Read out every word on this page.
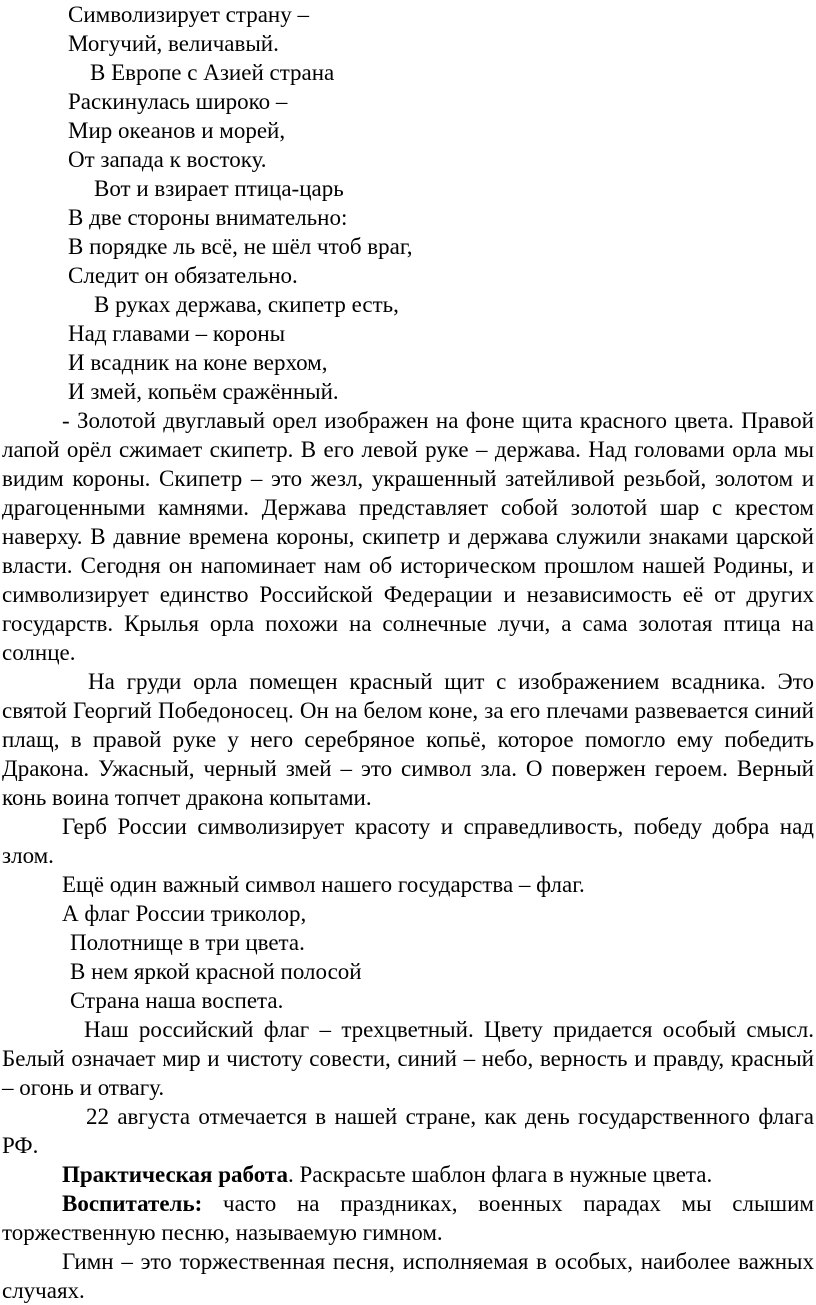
Символизирует страну –

Могучий, величавый.

В Европе с Азией страна

Раскинулась широко –

Мир океанов и морей,

От запада к востоку.

Вот и взирает птица-царь

В две стороны внимательно:

В порядке ль всё, не шёл чтоб враг,

Следит он обязательно.

В руках держава, скипетр есть,

Над главами – короны

И всадник на коне верхом,

И змей, копьём сражённый.

- Золотой двуглавый орел изображен на фоне щита красного цвета. Правой лапой орёл сжимает скипетр. В его левой руке – держава. Над головами орла мы видим короны. Скипетр – это жезл, украшенный затейливой резьбой, золотом и драгоценными камнями. Держава представляет собой золотой шар с крестом наверху. В давние времена короны, скипетр и держава служили знаками царской власти. Сегодня он напоминает нам об историческом прошлом нашей Родины, и символизирует единство Российской Федерации и независимость её от других государств. Крылья орла похожи на солнечные лучи, а сама золотая птица на солнце.

На груди орла помещен красный щит с изображением всадника. Это святой Георгий Победоносец. Он на белом коне, за его плечами развевается синий плащ, в правой руке у него серебряное копьё, которое помогло ему победить Дракона. Ужасный, черный змей – это символ зла. О повержен героем. Верный конь воина топчет дракона копытами.

Герб России символизирует красоту и справедливость, победу добра над злом.

Ещё один важный символ нашего государства – флаг.

А флаг России триколор,

Полотнище в три цвета.

В нем яркой красной полосой

Страна наша воспета.

Наш российский флаг – трехцветный. Цвету придается особый смысл. Белый означает мир и чистоту совести, синий – небо, верность и правду, красный – огонь и отвагу.

22 августа отмечается в нашей стране, как день государственного флага РФ.

Практическая работа. Раскрасьте шаблон флага в нужные цвета.

Воспитатель: часто на праздниках, военных парадах мы слышим торжественную песню, называемую гимном.

Гимн – это торжественная песня, исполняемая в особых, наиболее важных случаях.
